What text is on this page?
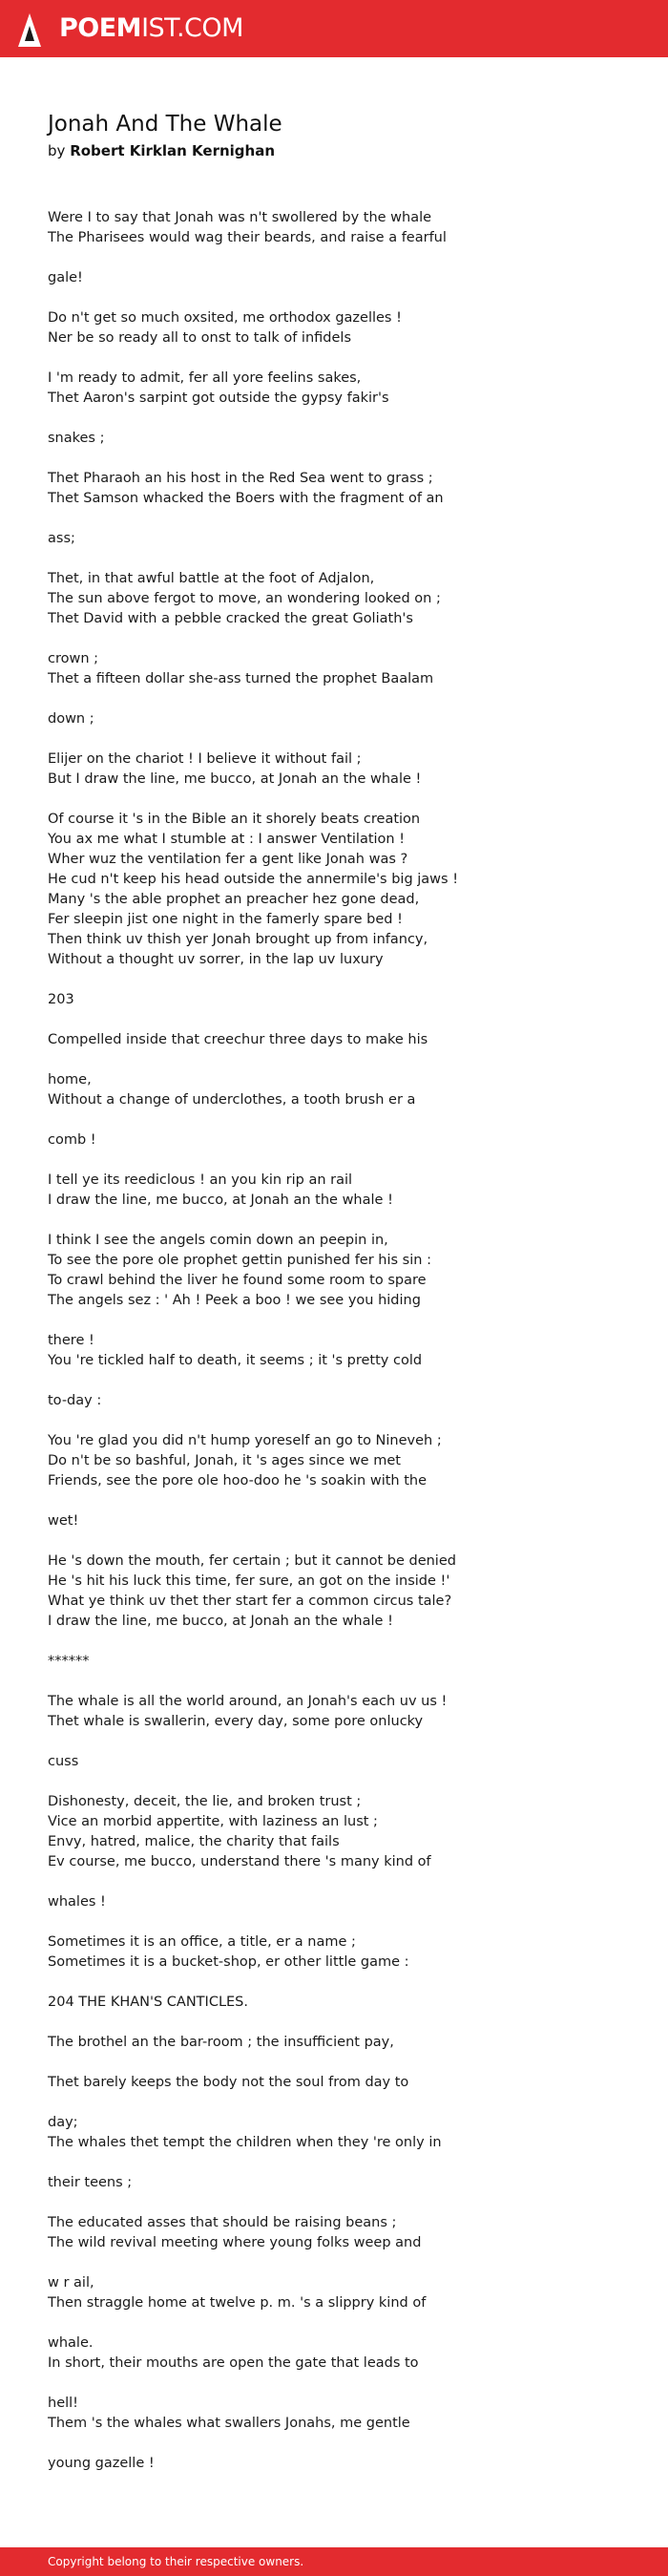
POEMIST.COM
Jonah And The Whale
by Robert Kirklan Kernighan
Were I to say that Jonah was n't swollered by the whale
The Pharisees would wag their beards, and raise a fearful
gale!
Do n't get so much oxsited, me orthodox gazelles !
Ner be so ready all to onst to talk of infidels
I 'm ready to admit, fer all yore feelins sakes,
Thet Aaron's sarpint got outside the gypsy fakir's
snakes ;
Thet Pharaoh an his host in the Red Sea went to grass ;
Thet Samson whacked the Boers with the fragment of an
ass;
Thet, in that awful battle at the foot of Adjalon,
The sun above fergot to move, an wondering looked on ;
Thet David with a pebble cracked the great Goliath's
crown ;
Thet a fifteen dollar she-ass turned the prophet Baalam
down ;
Elijer on the chariot ! I believe it without fail ;
But I draw the line, me bucco, at Jonah an the whale !
Of course it 's in the Bible an it shorely beats creation
You ax me what I stumble at : I answer Ventilation !
Wher wuz the ventilation fer a gent like Jonah was ?
He cud n't keep his head outside the annermile's big jaws !
Many 's the able prophet an preacher hez gone dead,
Fer sleepin jist one night in the famerly spare bed !
Then think uv thish yer Jonah brought up from infancy,
Without a thought uv sorrer, in the lap uv luxury
203
Compelled inside that creechur three days to make his
home,
Without a change of underclothes, a tooth brush er a
comb !
I tell ye its reediclous ! an you kin rip an rail
I draw the line, me bucco, at Jonah an the whale !
I think I see the angels comin down an peepin in,
To see the pore ole prophet gettin punished fer his sin :
To crawl behind the liver he found some room to spare
The angels sez : ' Ah ! Peek a boo ! we see you hiding
there !
You 're tickled half to death, it seems ; it 's pretty cold
to-day :
You 're glad you did n't hump yoreself an go to Nineveh ;
Do n't be so bashful, Jonah, it 's ages since we met
Friends, see the pore ole hoo-doo he 's soakin with the
wet!
He 's down the mouth, fer certain ; but it cannot be denied
He 's hit his luck this time, fer sure, an got on the inside !'
What ye think uv thet ther start fer a common circus tale?
I draw the line, me bucco, at Jonah an the whale !
******
The whale is all the world around, an Jonah's each uv us !
Thet whale is swallerin, every day, some pore onlucky
cuss
Dishonesty, deceit, the lie, and broken trust ;
Vice an morbid appertite, with laziness an lust ;
Envy, hatred, malice, the charity that fails
Ev course, me bucco, understand there 's many kind of
whales !
Sometimes it is an office, a title, er a name ;
Sometimes it is a bucket-shop, er other little game :
204 THE KHAN'S CANTICLES.
The brothel an the bar-room ; the insufficient pay,
Thet barely keeps the body not the soul from day to
day;
The whales thet tempt the children when they 're only in
their teens ;
The educated asses that should be raising beans ;
The wild revival meeting where young folks weep and
w r ail,
Then straggle home at twelve p. m. 's a slippry kind of
whale.
In short, their mouths are open the gate that leads to
hell!
Them 's the whales what swallers Jonahs, me gentle
young gazelle !
Copyright belong to their respective owners.
